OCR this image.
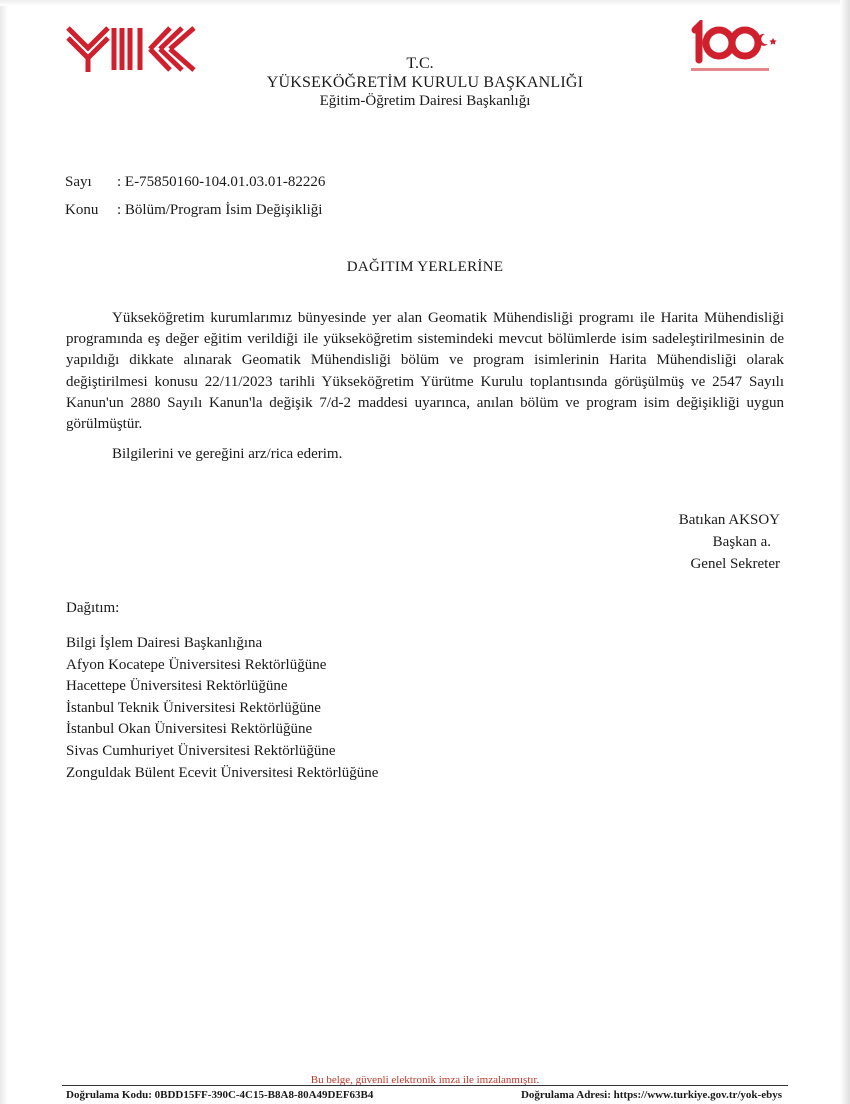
T.C.
YÜKSEKÖĞRETİM KURULU BAŞKANLIĞI
Eğitim-Öğretim Dairesi Başkanlığı
Sayı : E-75850160-104.01.03.01-82226
Konu : Bölüm/Program İsim Değişikliği
DAĞITIM YERLERİNE

Yükseköğretim kurumlarımız bünyesinde yer alan Geomatik Mühendisliği programı ile Harita Mühendisliği programında eş değer eğitim verildiği ile yükseköğretim sistemindeki mevcut bölümlerde isim sadeleştirilmesinin de yapıldığı dikkate alınarak Geomatik Mühendisliği bölüm ve program isimlerinin Harita Mühendisliği olarak değiştirilmesi konusu 22/11/2023 tarihli Yükseköğretim Yürütme Kurulu toplantısında görüşülmüş ve 2547 Sayılı Kanun'un 2880 Sayılı Kanun'la değişik 7/d-2 maddesi uyarınca, anılan bölüm ve program isim değişikliği uygun görülmüştür.

Bilgilerini ve gereğini arz/rica ederim.
Batıkan AKSOY
Başkan a.
Genel Sekreter
Dağıtım:
Bilgi İşlem Dairesi Başkanlığına
Afyon Kocatepe Üniversitesi Rektörlüğüne
Hacettepe Üniversitesi Rektörlüğüne
İstanbul Teknik Üniversitesi Rektörlüğüne
İstanbul Okan Üniversitesi Rektörlüğüne
Sivas Cumhuriyet Üniversitesi Rektörlüğüne
Zonguldak Bülent Ecevit Üniversitesi Rektörlüğüne
Bu belge, güvenli elektronik imza ile imzalanmıştır.
Doğrulama Kodu: 0BDD15FF-390C-4C15-B8A8-80A49DEF63B4	Doğrulama Adresi: https://www.turkiye.gov.tr/yok-ebys
